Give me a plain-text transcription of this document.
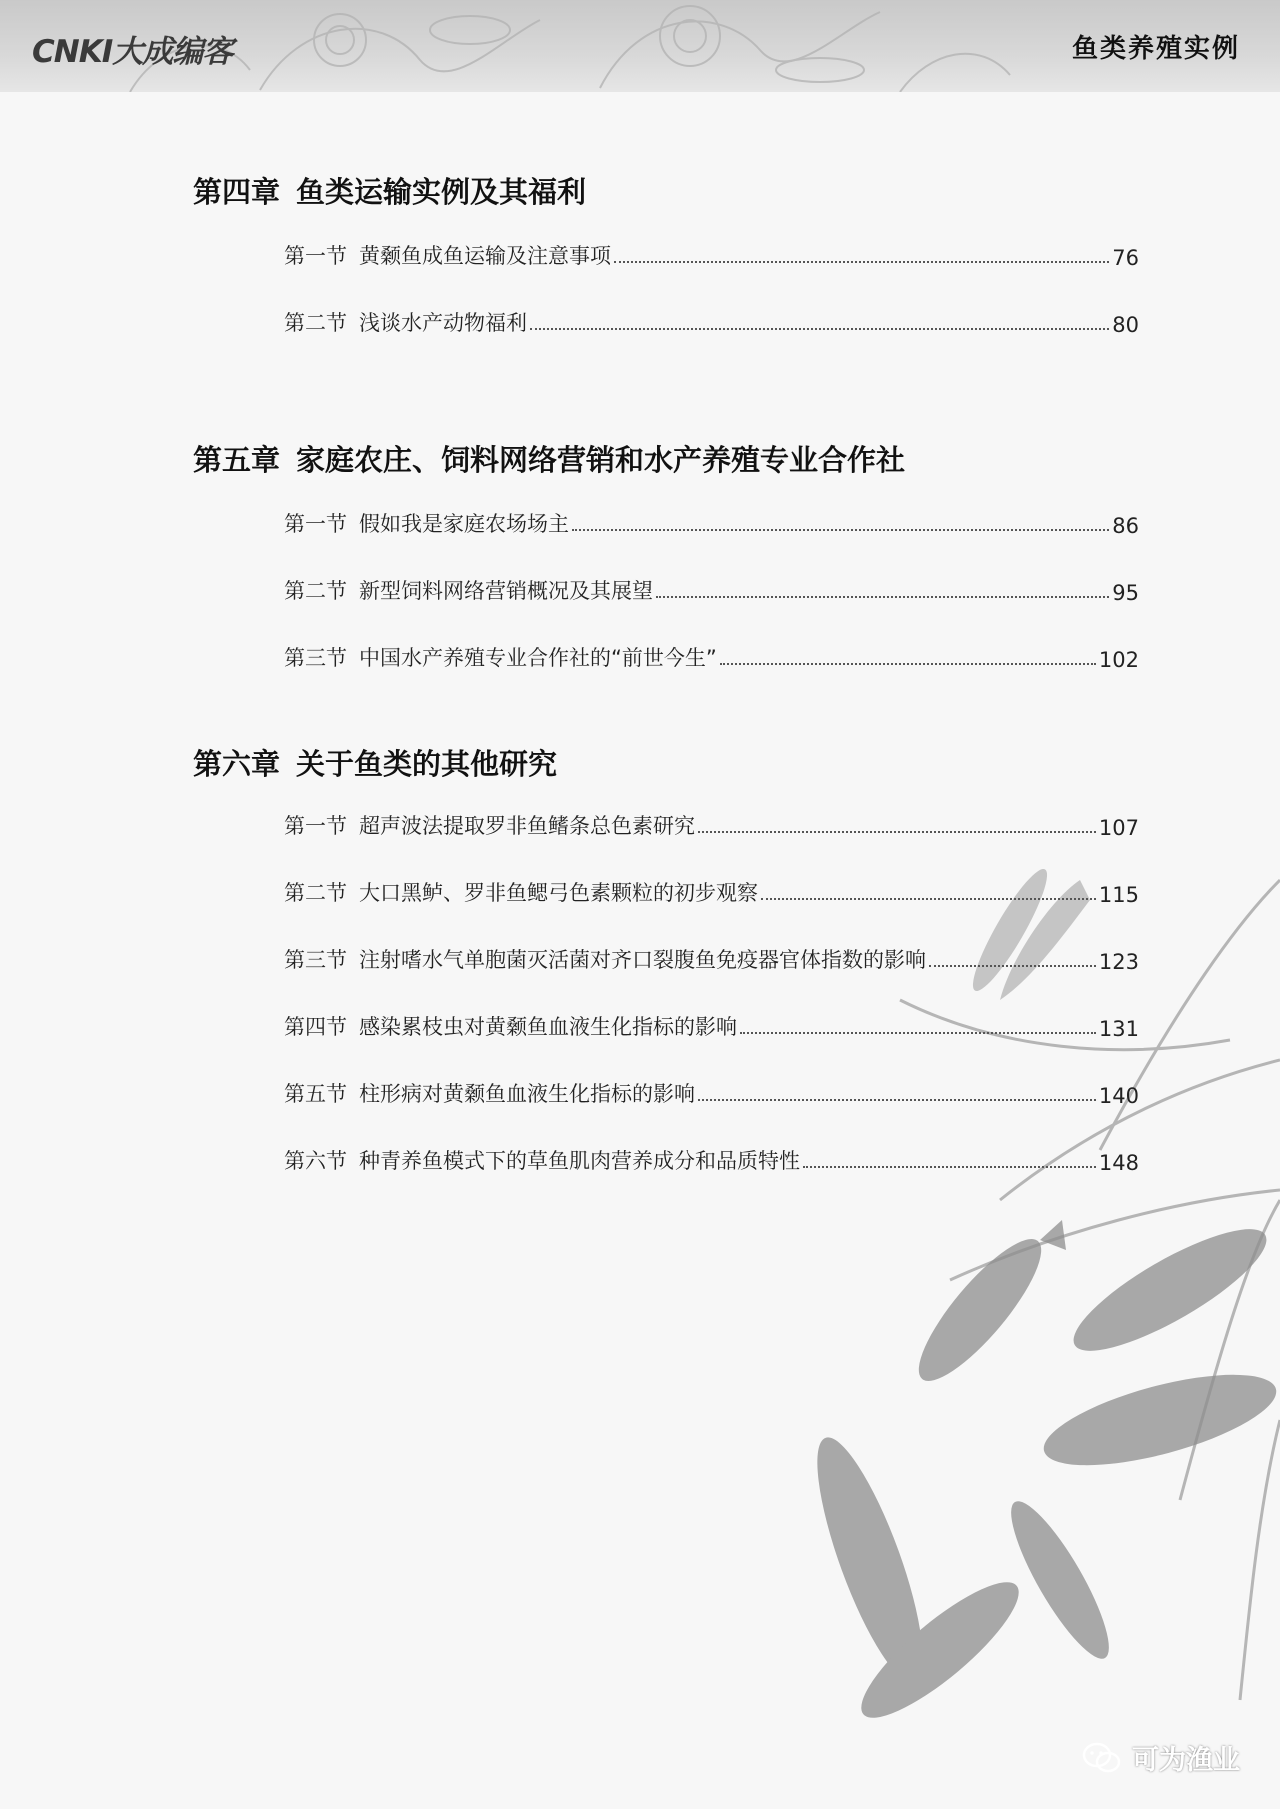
CNKI大成编客	鱼类养殖实例
第四章 鱼类运输实例及其福利
第一节 黄颡鱼成鱼运输及注意事项	76
第二节 浅谈水产动物福利	80
第五章 家庭农庄、饲料网络营销和水产养殖专业合作社
第一节 假如我是家庭农场场主	86
第二节 新型饲料网络营销概况及其展望	95
第三节 中国水产养殖专业合作社的“前世今生”	102
第六章 关于鱼类的其他研究
第一节 超声波法提取罗非鱼鳍条总色素研究	107
第二节 大口黑鲈、罗非鱼鳃弓色素颗粒的初步观察	115
第三节 注射嗜水气单胞菌灭活菌对齐口裂腹鱼免疫器官体指数的影响	123
第四节 感染累枝虫对黄颡鱼血液生化指标的影响	131
第五节 柱形病对黄颡鱼血液生化指标的影响	140
第六节 种青养鱼模式下的草鱼肌肉营养成分和品质特性	148
可为渔业
